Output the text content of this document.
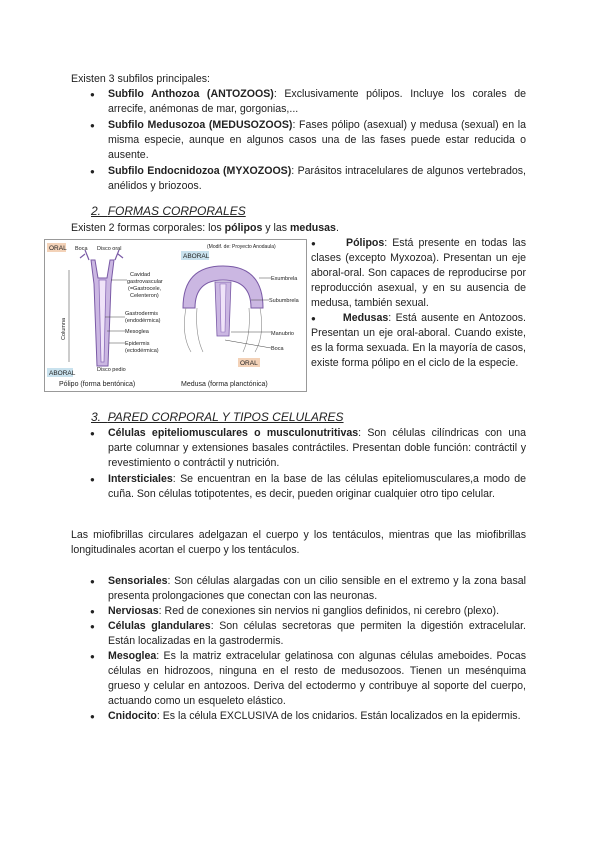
Existen 3 subfilos principales:

● Subfilo Anthozoa (ANTOZOOS): Exclusivamente pólipos. Incluye los corales de arrecife, anémonas de mar, gorgonias,...

● Subfilo Medusozoa (MEDUSOZOOS): Fases pólipo (asexual) y medusa (sexual) en la misma especie, aunque en algunos casos una de las fases puede estar reducida o ausente.

● Subfilo Endocnidozoa (MYXOZOOS): Parásitos intracelulares de algunos vertebrados, anélidos y briozoos.

2. FORMAS CORPORALES

Existen 2 formas corporales: los pólipos y las medusas.

ORAL
ABORAL
ABORAL
ORAL
Columna
Boca Disco oral
Cavidad
gastrovascular
(=Gastrocele,
Celenteron)
Gastrodermis
(endodérmica)
Mesoglea
Epidermis
(ectodérmica)
Disco pedio
Pólipo (forma bentónica)
(Modif. de: Proyecto Anodaula)
Exumbrela
Subumbrela
Manubrio
Boca
Medusa (forma planctónica)

● Pólipos: Está presente en todas las clases (excepto Myxozoa). Presentan un eje aboral-oral. Son capaces de reproducirse por reproducción asexual, y en su ausencia de medusa, también sexual.

● Medusas: Está ausente en Antozoos. Presentan un eje oral-aboral. Cuando existe, es la forma sexuada. En la mayoría de casos, existe forma pólipo en el ciclo de la especie.

3. PARED CORPORAL Y TIPOS CELULARES

● Células epiteliomusculares o musculonutritivas: Son células cilíndricas con una parte columnar y extensiones basales contráctiles. Presentan doble función: contráctil y revestimiento o contráctil y nutrición.

● Intersticiales: Se encuentran en la base de las células epiteliomusculares,a modo de cuña. Son células totipotentes, es decir, pueden originar cualquier otro tipo celular.

Las miofibrillas circulares adelgazan el cuerpo y los tentáculos, mientras que las miofibrillas longitudinales acortan el cuerpo y los tentáculos.

● Sensoriales: Son células alargadas con un cilio sensible en el extremo y la zona basal presenta prolongaciones que conectan con las neuronas.

● Nerviosas: Red de conexiones sin nervios ni ganglios definidos, ni cerebro (plexo).

● Células glandulares: Son células secretoras que permiten la digestión extracelular. Están localizadas en la gastrodermis.

● Mesoglea: Es la matriz extracelular gelatinosa con algunas células ameboides. Pocas células en hidrozoos, ninguna en el resto de medusozoos. Tienen un mesénquima grueso y celular en antozoos. Deriva del ectodermo y contribuye al soporte del cuerpo, actuando como un esqueleto elástico.

● Cnidocito: Es la célula EXCLUSIVA de los cnidarios. Están localizados en la epidermis.
